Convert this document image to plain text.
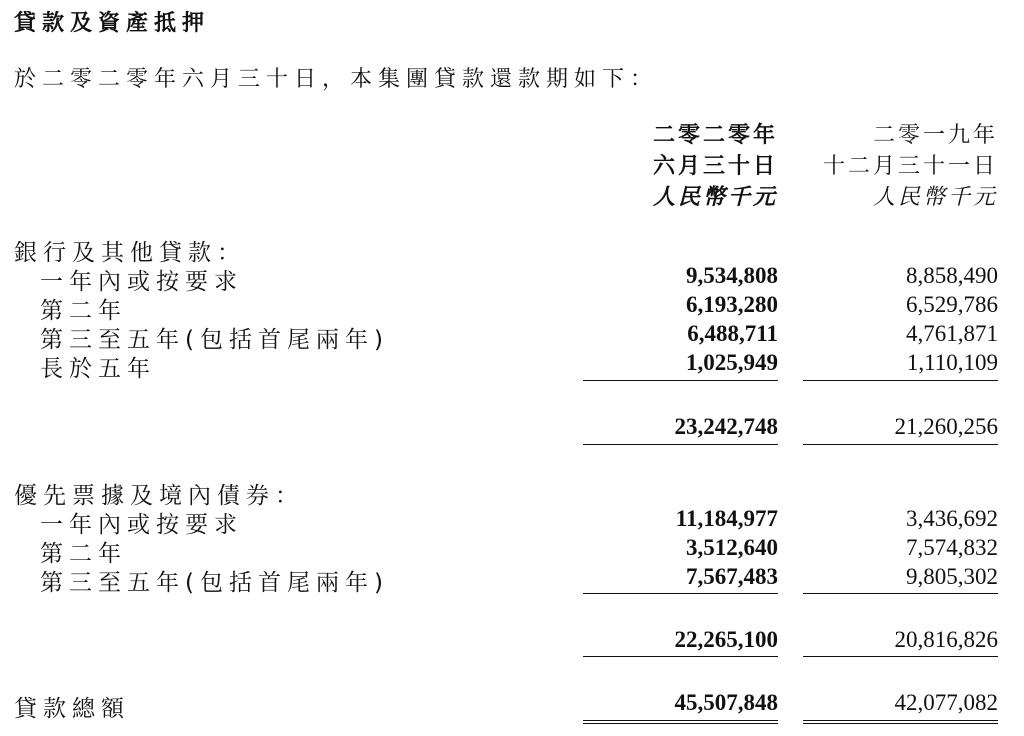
貸款及資產抵押
於二零二零年六月三十日，本集團貸款還款期如下：
二零二零年
六月三十日
人民幣千元
二零一九年
十二月三十一日
人民幣千元
銀行及其他貸款：
一年內或按要求	9,534,808	8,858,490
第二年	6,193,280	6,529,786
第三至五年(包括首尾兩年)	6,488,711	4,761,871
長於五年	1,025,949	1,110,109
23,242,748	21,260,256
優先票據及境內債券：
一年內或按要求	11,184,977	3,436,692
第二年	3,512,640	7,574,832
第三至五年(包括首尾兩年)	7,567,483	9,805,302
22,265,100	20,816,826
貸款總額	45,507,848	42,077,082
